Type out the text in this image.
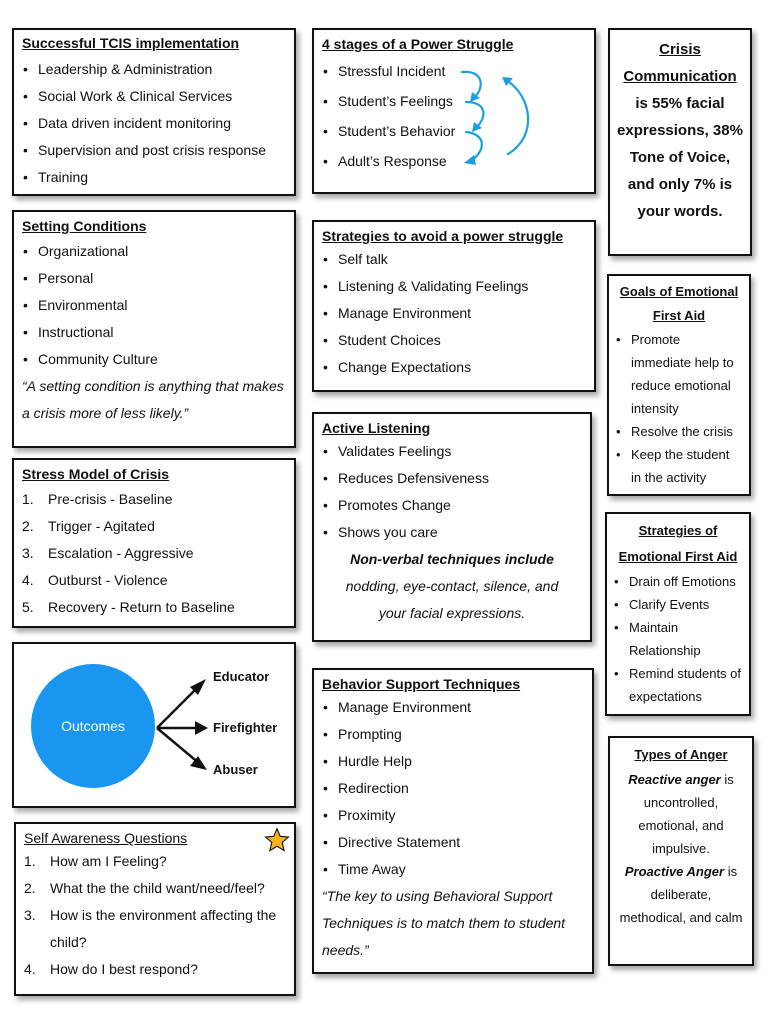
Successful TCIS implementation
• Leadership & Administration
• Social Work & Clinical Services
• Data driven incident monitoring
• Supervision and post crisis response
• Training
Setting Conditions
• Organizational
• Personal
• Environmental
• Instructional
• Community Culture
“A setting condition is anything that makes a crisis more of less likely.”
Stress Model of Crisis
1. Pre-crisis - Baseline
2. Trigger - Agitated
3. Escalation - Aggressive
4. Outburst - Violence
5. Recovery - Return to Baseline
Outcomes
Educator
Firefighter
Abuser
Self Awareness Questions
1. How am I Feeling?
2. What the the child want/need/feel?
3. How is the environment affecting the child?
4. How do I best respond?
4 stages of a Power Struggle
• Stressful Incident
• Student’s Feelings
• Student’s Behavior
• Adult’s Response
Strategies to avoid a power struggle
• Self talk
• Listening & Validating Feelings
• Manage Environment
• Student Choices
• Change Expectations
Active Listening
• Validates Feelings
• Reduces Defensiveness
• Promotes Change
• Shows you care
Non-verbal techniques include
nodding, eye-contact, silence, and your facial expressions.
Behavior Support Techniques
• Manage Environment
• Prompting
• Hurdle Help
• Redirection
• Proximity
• Directive Statement
• Time Away
“The key to using Behavioral Support Techniques is to match them to student needs.”
Crisis Communication
is 55% facial expressions, 38% Tone of Voice, and only 7% is your words.
Goals of Emotional First Aid
• Promote immediate help to reduce emotional intensity
• Resolve the crisis
• Keep the student in the activity
Strategies of Emotional First Aid
• Drain off Emotions
• Clarify Events
• Maintain Relationship
• Remind students of expectations
Types of Anger
Reactive anger is uncontrolled, emotional, and impulsive.
Proactive Anger is deliberate, methodical, and calm
